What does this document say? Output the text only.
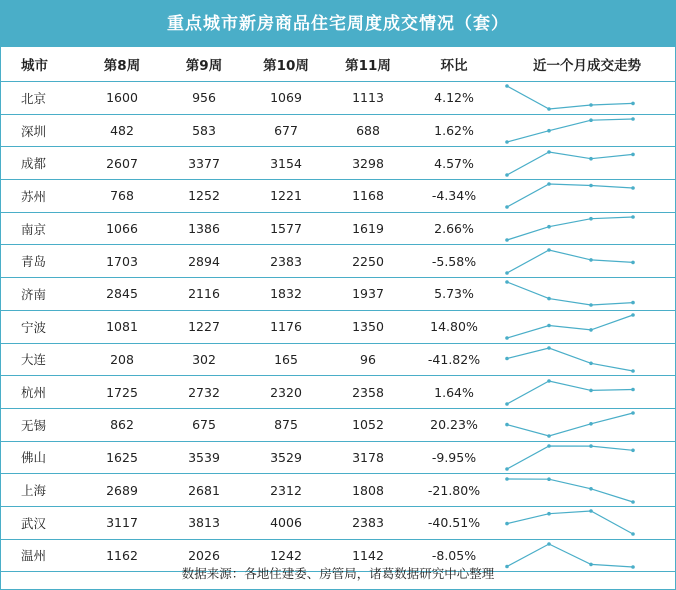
重点城市新房商品住宅周度成交情况（套）
城市	第8周	第9周	第10周	第11周	环比	近一个月成交走势
北京	1600	956	1069	1113	4.12%	

深圳	482	583	677	688	1.62%	

成都	2607	3377	3154	3298	4.57%	

苏州	768	1252	1221	1168	-4.34%	

南京	1066	1386	1577	1619	2.66%	

青岛	1703	2894	2383	2250	-5.58%	

济南	2845	2116	1832	1937	5.73%	

宁波	1081	1227	1176	1350	14.80%	

大连	208	302	165	96	-41.82%	

杭州	1725	2732	2320	2358	1.64%	

无锡	862	675	875	1052	20.23%	

佛山	1625	3539	3529	3178	-9.95%	

上海	2689	2681	2312	1808	-21.80%	

武汉	3117	3813	4006	2383	-40.51%	

温州	1162	2026	1242	1142	-8.05%	
数据来源：各地住建委、房管局，诸葛数据研究中心整理
